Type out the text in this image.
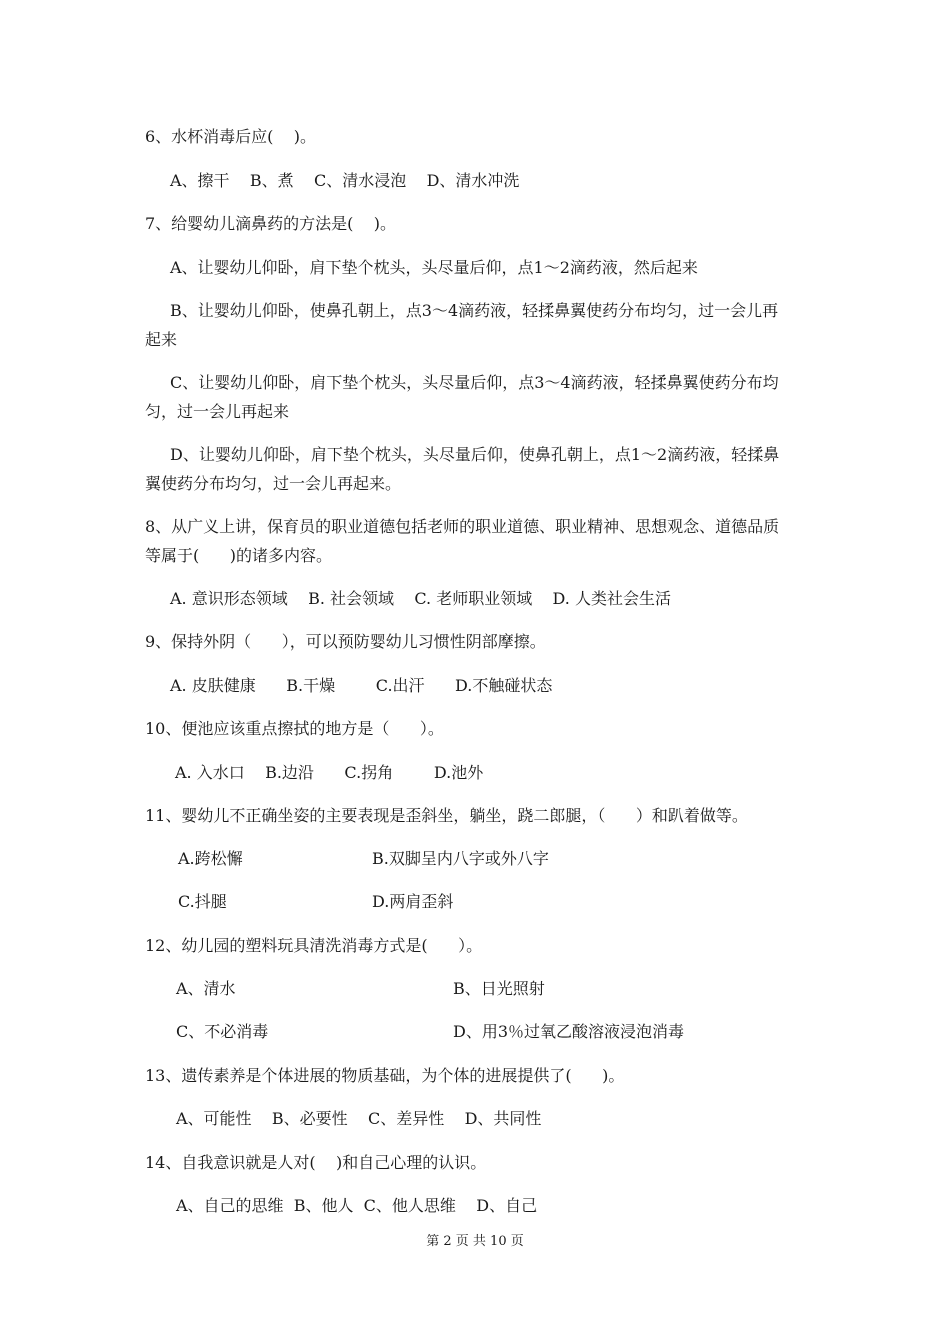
6、水杯消毒后应(    )。
A、擦干    B、煮    C、清水浸泡    D、清水冲洗
7、给婴幼儿滴鼻药的方法是(    )。
A、让婴幼儿仰卧，肩下垫个枕头，头尽量后仰，点1～2滴药液，然后起来
B、让婴幼儿仰卧，使鼻孔朝上，点3～4滴药液，轻揉鼻翼使药分布均匀，过一会儿再
起来
C、让婴幼儿仰卧，肩下垫个枕头，头尽量后仰，点3～4滴药液，轻揉鼻翼使药分布均
匀，过一会儿再起来
D、让婴幼儿仰卧，肩下垫个枕头，头尽量后仰，使鼻孔朝上，点1～2滴药液，轻揉鼻
翼使药分布均匀，过一会儿再起来。
8、从广义上讲，保育员的职业道德包括老师的职业道德、职业精神、思想观念、道德品质
等属于(      )的诸多内容。
A. 意识形态领域    B. 社会领域    C. 老师职业领域    D. 人类社会生活
9、保持外阴（      ），可以预防婴幼儿习惯性阴部摩擦。
A. 皮肤健康      B.干燥        C.出汗      D.不触碰状态
10、便池应该重点擦拭的地方是（      ）。
A. 入水口    B.边沿      C.拐角        D.池外
11、婴幼儿不正确坐姿的主要表现是歪斜坐，躺坐，跷二郎腿，（      ）和趴着做等。
A.跨松懈	B.双脚呈内八字或外八字
C.抖腿	D.两肩歪斜
12、幼儿园的塑料玩具清洗消毒方式是(      ）。
A、清水	B、日光照射
C、不必消毒	D、用3％过氧乙酸溶液浸泡消毒
13、遗传素养是个体进展的物质基础，为个体的进展提供了(      )。
A、可能性    B、必要性    C、差异性    D、共同性
14、自我意识就是人对(    )和自己心理的认识。
A、自己的思维  B、他人  C、他人思维    D、自己
第 2 页 共 10 页
